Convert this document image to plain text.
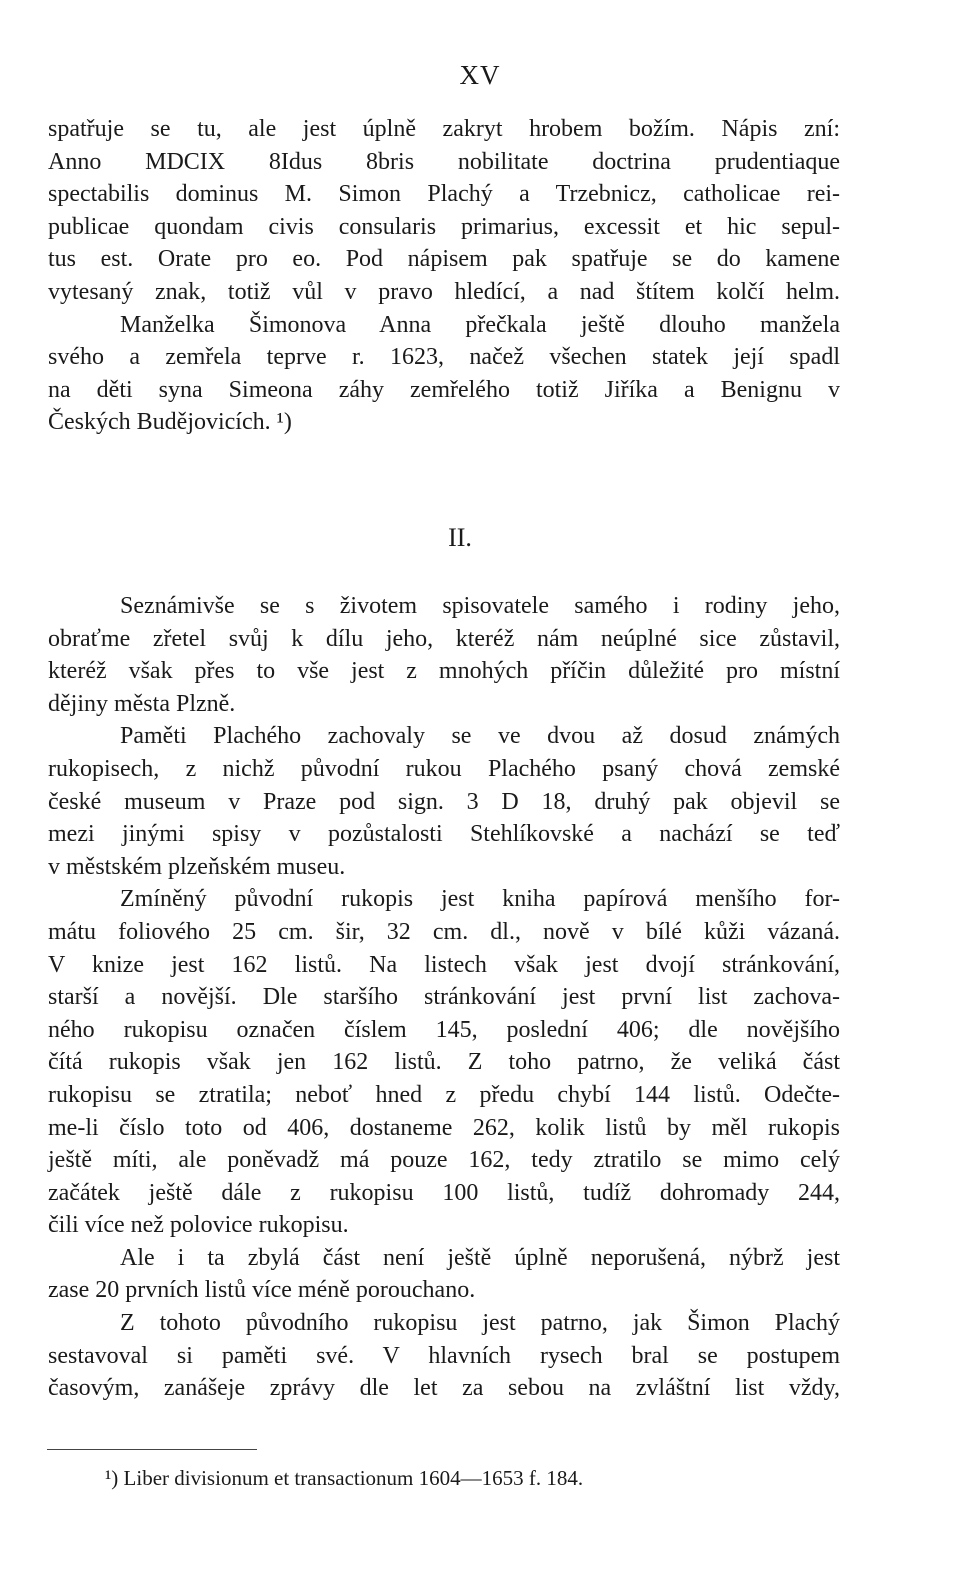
XV
spatřuje se tu, ale jest úplně zakryt hrobem božím. Nápis zní:
Anno MDCIX 8Idus 8bris nobilitate doctrina prudentiaque
spectabilis dominus M. Simon Plachý a Trzebnicz, catholicae rei-
publicae quondam civis consularis primarius, excessit et hic sepul-
tus est. Orate pro eo. Pod nápisem pak spatřuje se do kamene
vytesaný znak, totiž vůl v pravo hledící, a nad štítem kolčí helm.
Manželka Šimonova Anna přečkala ještě dlouho manžela
svého a zemřela teprve r. 1623, načež všechen statek její spadl
na děti syna Simeona záhy zemřelého totiž Jiříka a Benignu v
Českých Budějovicích. ¹)
II.
Seznámivše se s životem spisovatele samého i rodiny jeho,
obraťme zřetel svůj k dílu jeho, kteréž nám neúplné sice zůstavil,
kteréž však přes to vše jest z mnohých příčin důležité pro místní
dějiny města Plzně.
Paměti Plachého zachovaly se ve dvou až dosud známých
rukopisech, z nichž původní rukou Plachého psaný chová zemské
české museum v Praze pod sign. 3 D 18, druhý pak objevil se
mezi jinými spisy v pozůstalosti Stehlíkovské a nachází se teď
v městském plzeňském museu.
Zmíněný původní rukopis jest kniha papírová menšího for-
mátu foliového 25 cm. šir, 32 cm. dl., nově v bílé kůži vázaná.
V knize jest 162 listů. Na listech však jest dvojí stránkování,
starší a novější. Dle staršího stránkování jest první list zachova-
ného rukopisu označen číslem 145, poslední 406; dle novějšího
čítá rukopis však jen 162 listů. Z toho patrno, že veliká část
rukopisu se ztratila; neboť hned z předu chybí 144 listů. Odečte-
me-li číslo toto od 406, dostaneme 262, kolik listů by měl rukopis
ještě míti, ale poněvadž má pouze 162, tedy ztratilo se mimo celý
začátek ještě dále z rukopisu 100 listů, tudíž dohromady 244,
čili více než polovice rukopisu.
Ale i ta zbylá část není ještě úplně neporušená, nýbrž jest
zase 20 prvních listů více méně porouchano.
Z tohoto původního rukopisu jest patrno, jak Šimon Plachý
sestavoval si paměti své. V hlavních rysech bral se postupem
časovým, zanášeje zprávy dle let za sebou na zvláštní list vždy,
¹) Liber divisionum et transactionum 1604—1653 f. 184.
